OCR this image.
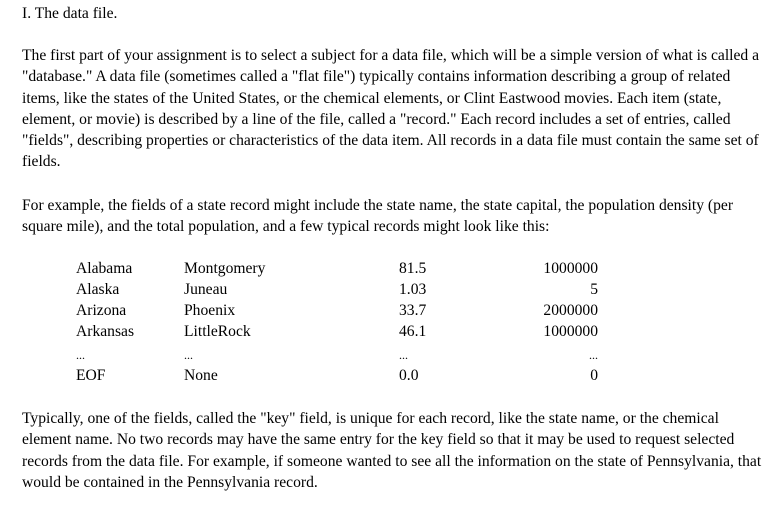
I. The data file.

The first part of your assignment is to select a subject for a data file, which will be a simple version of what is called a "database." A data file (sometimes called a "flat file") typically contains information describing a group of related items, like the states of the United States, or the chemical elements, or Clint Eastwood movies. Each item (state, element, or movie) is described by a line of the file, called a "record." Each record includes a set of entries, called "fields", describing properties or characteristics of the data item. All records in a data file must contain the same set of fields.

For example, the fields of a state record might include the state name, the state capital, the population density (per square mile), and the total population, and a few typical records might look like this:

Alabama	Montgomery	81.5	1000000
Alaska	Juneau	1.03	5
Arizona	Phoenix	33.7	2000000
Arkansas	LittleRock	46.1	1000000
...	...	...	...
EOF	None	0.0	0

Typically, one of the fields, called the "key" field, is unique for each record, like the state name, or the chemical element name. No two records may have the same entry for the key field so that it may be used to request selected records from the data file. For example, if someone wanted to see all the information on the state of Pennsylvania, that would be contained in the Pennsylvania record.
